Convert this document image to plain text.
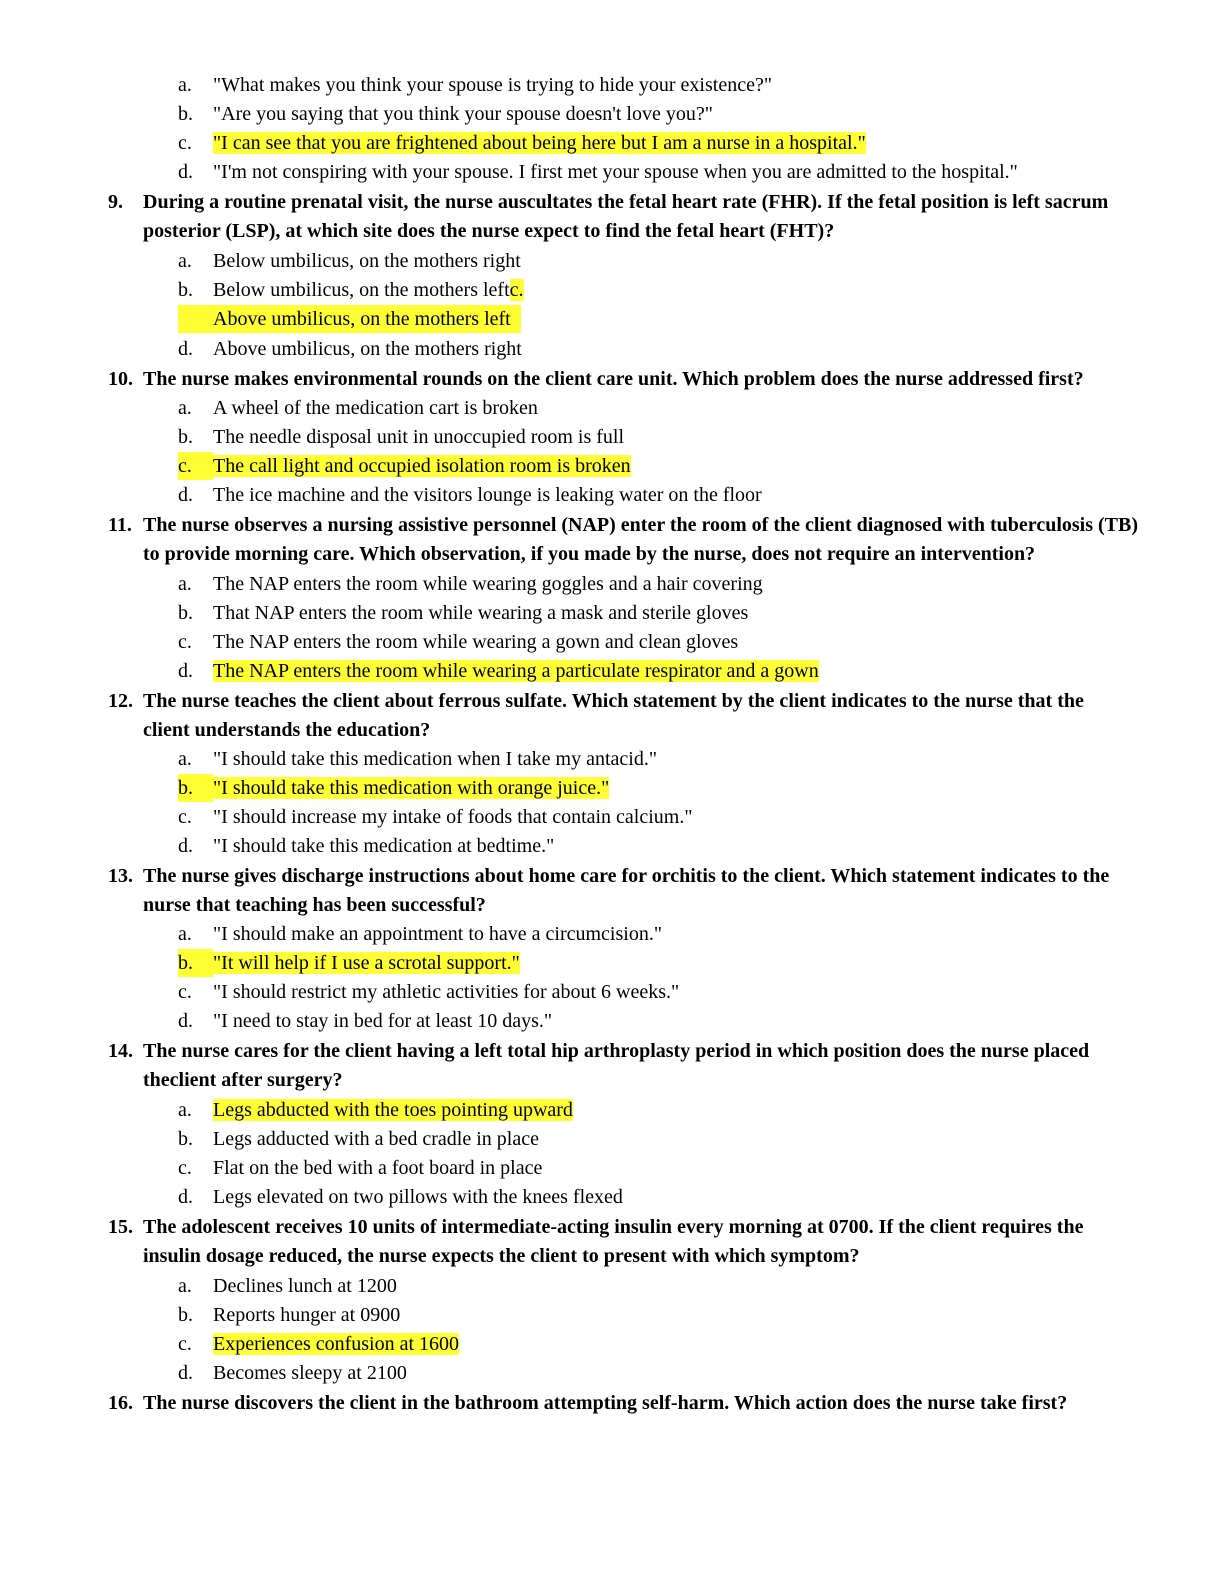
a. "What makes you think your spouse is trying to hide your existence?"

b. "Are you saying that you think your spouse doesn't love you?"

c. "I can see that you are frightened about being here but I am a nurse in a hospital."

d. "I'm not conspiring with your spouse. I first met your spouse when you are admitted to the hospital."

9.	During a routine prenatal visit, the nurse auscultates the fetal heart rate (FHR). If the fetal position is left sacrum posterior (LSP), at which site does the nurse expect to find the fetal heart (FHT)?

a. Below umbilicus, on the mothers right

b. Below umbilicus, on the mothers leftc.

Above umbilicus, on the mothers left

d. Above umbilicus, on the mothers right

10. The nurse makes environmental rounds on the client care unit. Which problem does the nurse addressed first?

a. A wheel of the medication cart is broken

b. The needle disposal unit in unoccupied room is full

c. The call light and occupied isolation room is broken

d. The ice machine and the visitors lounge is leaking water on the floor

11. The nurse observes a nursing assistive personnel (NAP) enter the room of the client diagnosed with tuberculosis (TB) to provide morning care. Which observation, if you made by the nurse, does not require an intervention?

a. The NAP enters the room while wearing goggles and a hair covering

b. That NAP enters the room while wearing a mask and sterile gloves

c. The NAP enters the room while wearing a gown and clean gloves

d. The NAP enters the room while wearing a particulate respirator and a gown

12. The nurse teaches the client about ferrous sulfate. Which statement by the client indicates to the nurse that the client understands the education?

a. "I should take this medication when I take my antacid."

b. "I should take this medication with orange juice."

c. "I should increase my intake of foods that contain calcium."

d. "I should take this medication at bedtime."

13. The nurse gives discharge instructions about home care for orchitis to the client. Which statement indicates to the nurse that teaching has been successful?

a. "I should make an appointment to have a circumcision."

b. "It will help if I use a scrotal support."

c. "I should restrict my athletic activities for about 6 weeks."

d. "I need to stay in bed for at least 10 days."

14. The nurse cares for the client having a left total hip arthroplasty period in which position does the nurse placed theclient after surgery?

a. Legs abducted with the toes pointing upward

b. Legs adducted with a bed cradle in place

c. Flat on the bed with a foot board in place

d. Legs elevated on two pillows with the knees flexed

15. The adolescent receives 10 units of intermediate-acting insulin every morning at 0700. If the client requires the insulin dosage reduced, the nurse expects the client to present with which symptom?

a. Declines lunch at 1200

b. Reports hunger at 0900

c. Experiences confusion at 1600

d. Becomes sleepy at 2100

16. The nurse discovers the client in the bathroom attempting self-harm. Which action does the nurse take first?
